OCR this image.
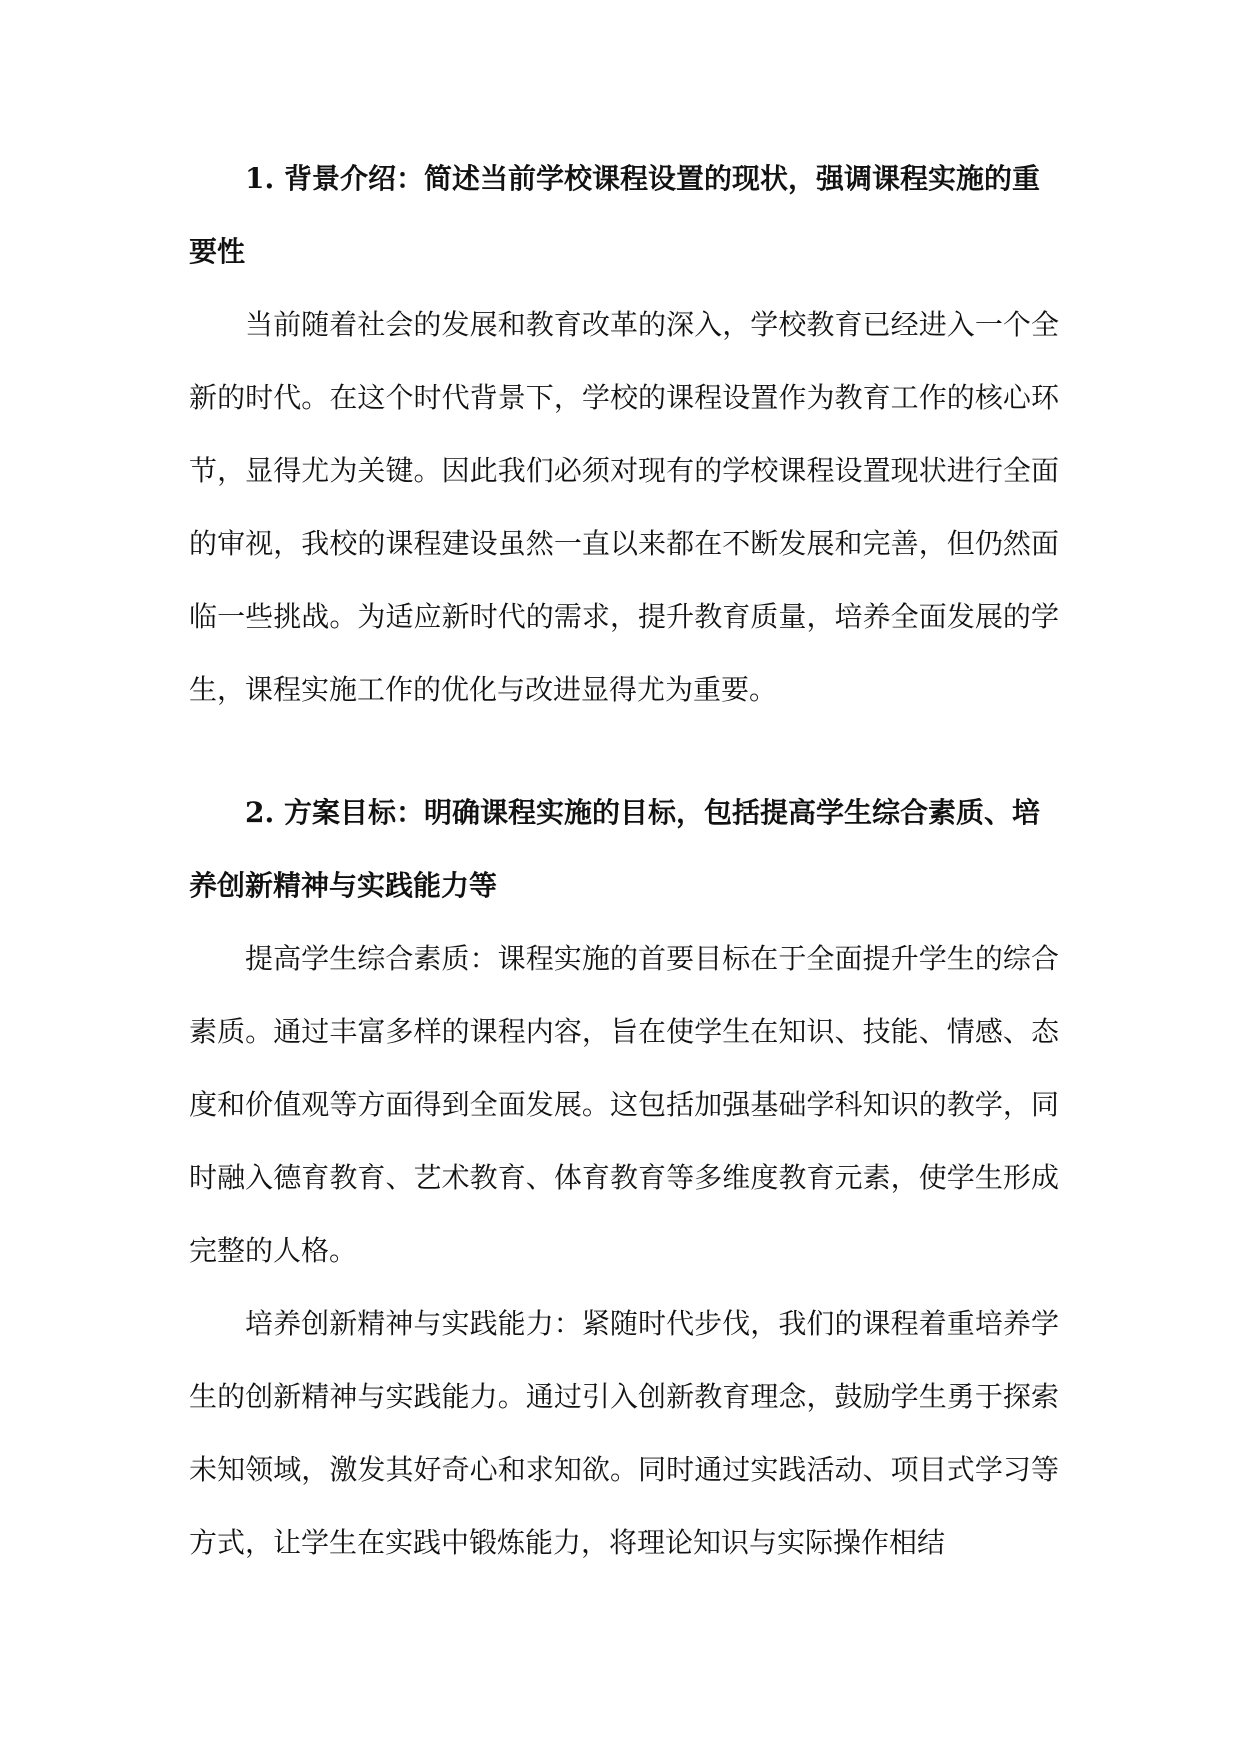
1. 背景介绍：简述当前学校课程设置的现状，强调课程实施的重要性

当前随着社会的发展和教育改革的深入，学校教育已经进入一个全新的时代。在这个时代背景下，学校的课程设置作为教育工作的核心环节，显得尤为关键。因此我们必须对现有的学校课程设置现状进行全面的审视，我校的课程建设虽然一直以来都在不断发展和完善，但仍然面临一些挑战。为适应新时代的需求，提升教育质量，培养全面发展的学生，课程实施工作的优化与改进显得尤为重要。

2. 方案目标：明确课程实施的目标，包括提高学生综合素质、培养创新精神与实践能力等

提高学生综合素质：课程实施的首要目标在于全面提升学生的综合素质。通过丰富多样的课程内容，旨在使学生在知识、技能、情感、态度和价值观等方面得到全面发展。这包括加强基础学科知识的教学，同时融入德育教育、艺术教育、体育教育等多维度教育元素，使学生形成完整的人格。

培养创新精神与实践能力：紧随时代步伐，我们的课程着重培养学生的创新精神与实践能力。通过引入创新教育理念，鼓励学生勇于探索未知领域，激发其好奇心和求知欲。同时通过实践活动、项目式学习等方式，让学生在实践中锻炼能力，将理论知识与实际操作相结
